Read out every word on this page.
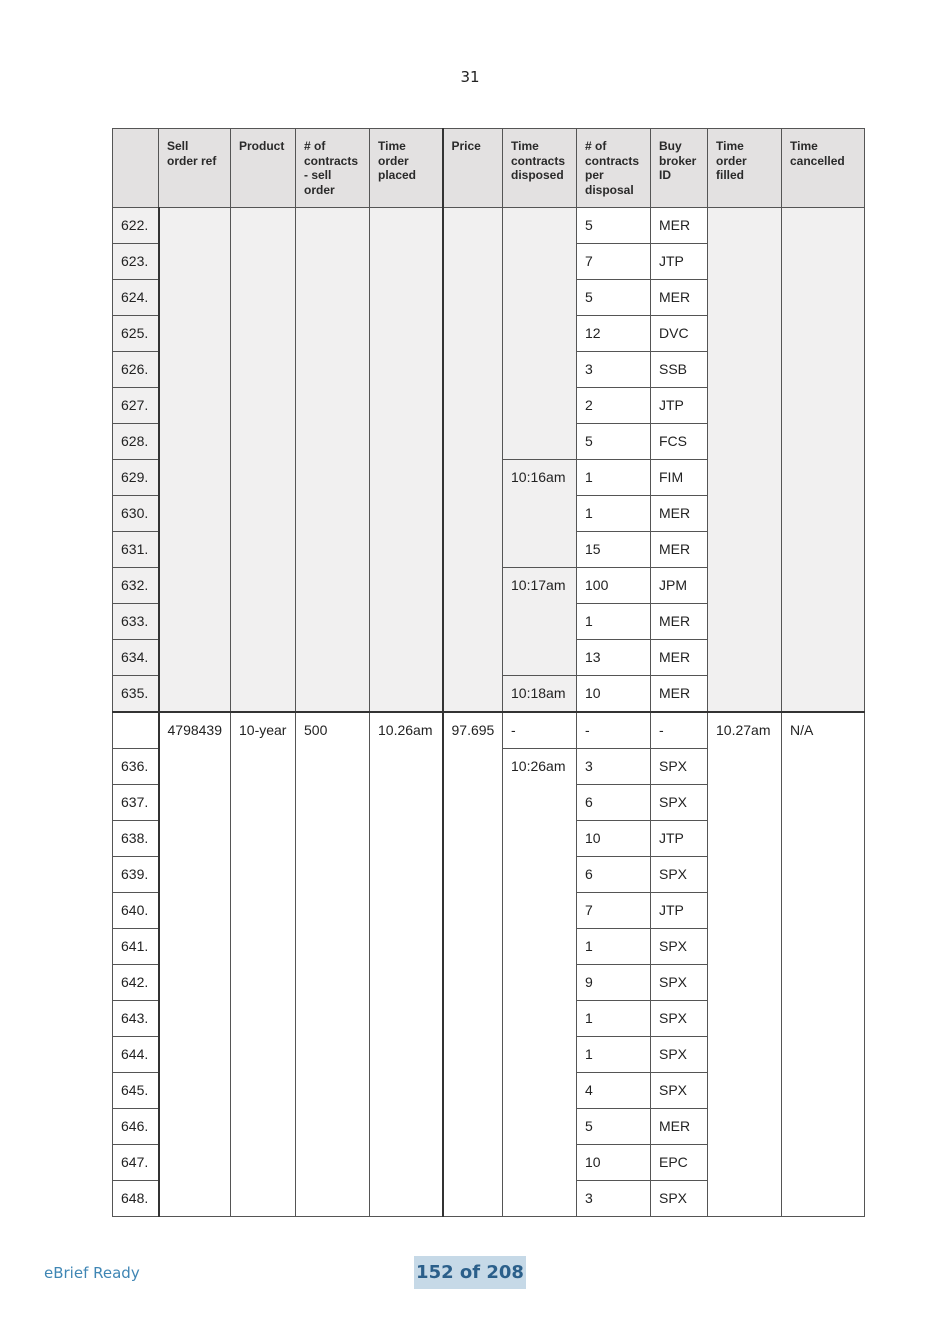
31
	Sell order ref	Product	# of contracts - sell order	Time order placed	Price	Time contracts disposed	# of contracts per disposal	Buy broker ID	Time order filled	Time cancelled
622.							5	MER		
623.							7	JTP		
624.							5	MER		
625.							12	DVC		
626.							3	SSB		
627.							2	JTP		
628.							5	FCS		
629.						10:16am	1	FIM		
630.							1	MER		
631.							15	MER		
632.						10:17am	100	JPM		
633.							1	MER		
634.							13	MER		
635.						10:18am	10	MER		
	4798439	10-year	500	10.26am	97.695	-	-	-	10.27am	N/A
636.						10:26am	3	SPX		
637.							6	SPX		
638.							10	JTP		
639.							6	SPX		
640.							7	JTP		
641.							1	SPX		
642.							9	SPX		
643.							1	SPX		
644.							1	SPX		
645.							4	SPX		
646.							5	MER		
647.							10	EPC		
648.							3	SPX		
eBrief Ready	152 of 208
